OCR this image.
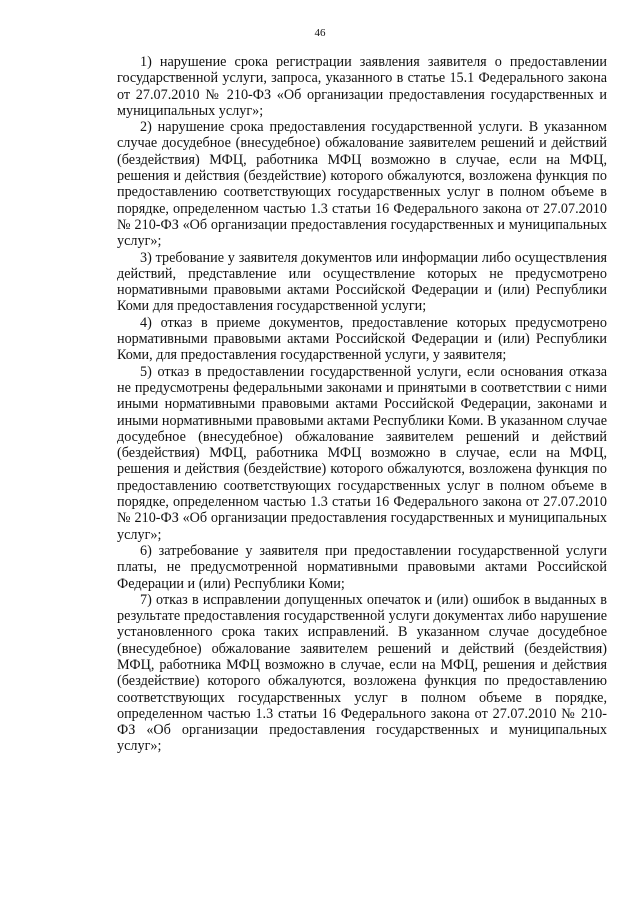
46

1) нарушение срока регистрации заявления заявителя о предоставлении государственной услуги, запроса, указанного в статье 15.1 Федерального закона от 27.07.2010 № 210-ФЗ «Об организации предоставления государственных и муниципальных услуг»;

2) нарушение срока предоставления государственной услуги. В указанном случае досудебное (внесудебное) обжалование заявителем решений и действий (бездействия) МФЦ, работника МФЦ возможно в случае, если на МФЦ, решения и действия (бездействие) которого обжалуются, возложена функция по предоставлению соответствующих государственных услуг в полном объеме в порядке, определенном частью 1.3 статьи 16 Федерального закона от 27.07.2010 № 210-ФЗ «Об организации предоставления государственных и муниципальных услуг»;

3) требование у заявителя документов или информации либо осуществления действий, представление или осуществление которых не предусмотрено нормативными правовыми актами Российской Федерации и (или) Республики Коми для предоставления государственной услуги;

4) отказ в приеме документов, предоставление которых предусмотрено нормативными правовыми актами Российской Федерации и (или) Республики Коми, для предоставления государственной услуги, у заявителя;

5) отказ в предоставлении государственной услуги, если основания отказа не предусмотрены федеральными законами и принятыми в соответствии с ними иными нормативными правовыми актами Российской Федерации, законами и иными нормативными правовыми актами Республики Коми. В указанном случае досудебное (внесудебное) обжалование заявителем решений и действий (бездействия) МФЦ, работника МФЦ возможно в случае, если на МФЦ, решения и действия (бездействие) которого обжалуются, возложена функция по предоставлению соответствующих государственных услуг в полном объеме в порядке, определенном частью 1.3 статьи 16 Федерального закона от 27.07.2010 № 210-ФЗ «Об организации предоставления государственных и муниципальных услуг»;

6) затребование у заявителя при предоставлении государственной услуги платы, не предусмотренной нормативными правовыми актами Российской Федерации и (или) Республики Коми;

7) отказ в исправлении допущенных опечаток и (или) ошибок в выданных в результате предоставления государственной услуги документах либо нарушение установленного срока таких исправлений. В указанном случае досудебное (внесудебное) обжалование заявителем решений и действий (бездействия) МФЦ, работника МФЦ возможно в случае, если на МФЦ, решения и действия (бездействие) которого обжалуются, возложена функция по предоставлению соответствующих государственных услуг в полном объеме в порядке, определенном частью 1.3 статьи 16 Федерального закона от 27.07.2010 № 210-ФЗ «Об организации предоставления государственных и муниципальных услуг»;
